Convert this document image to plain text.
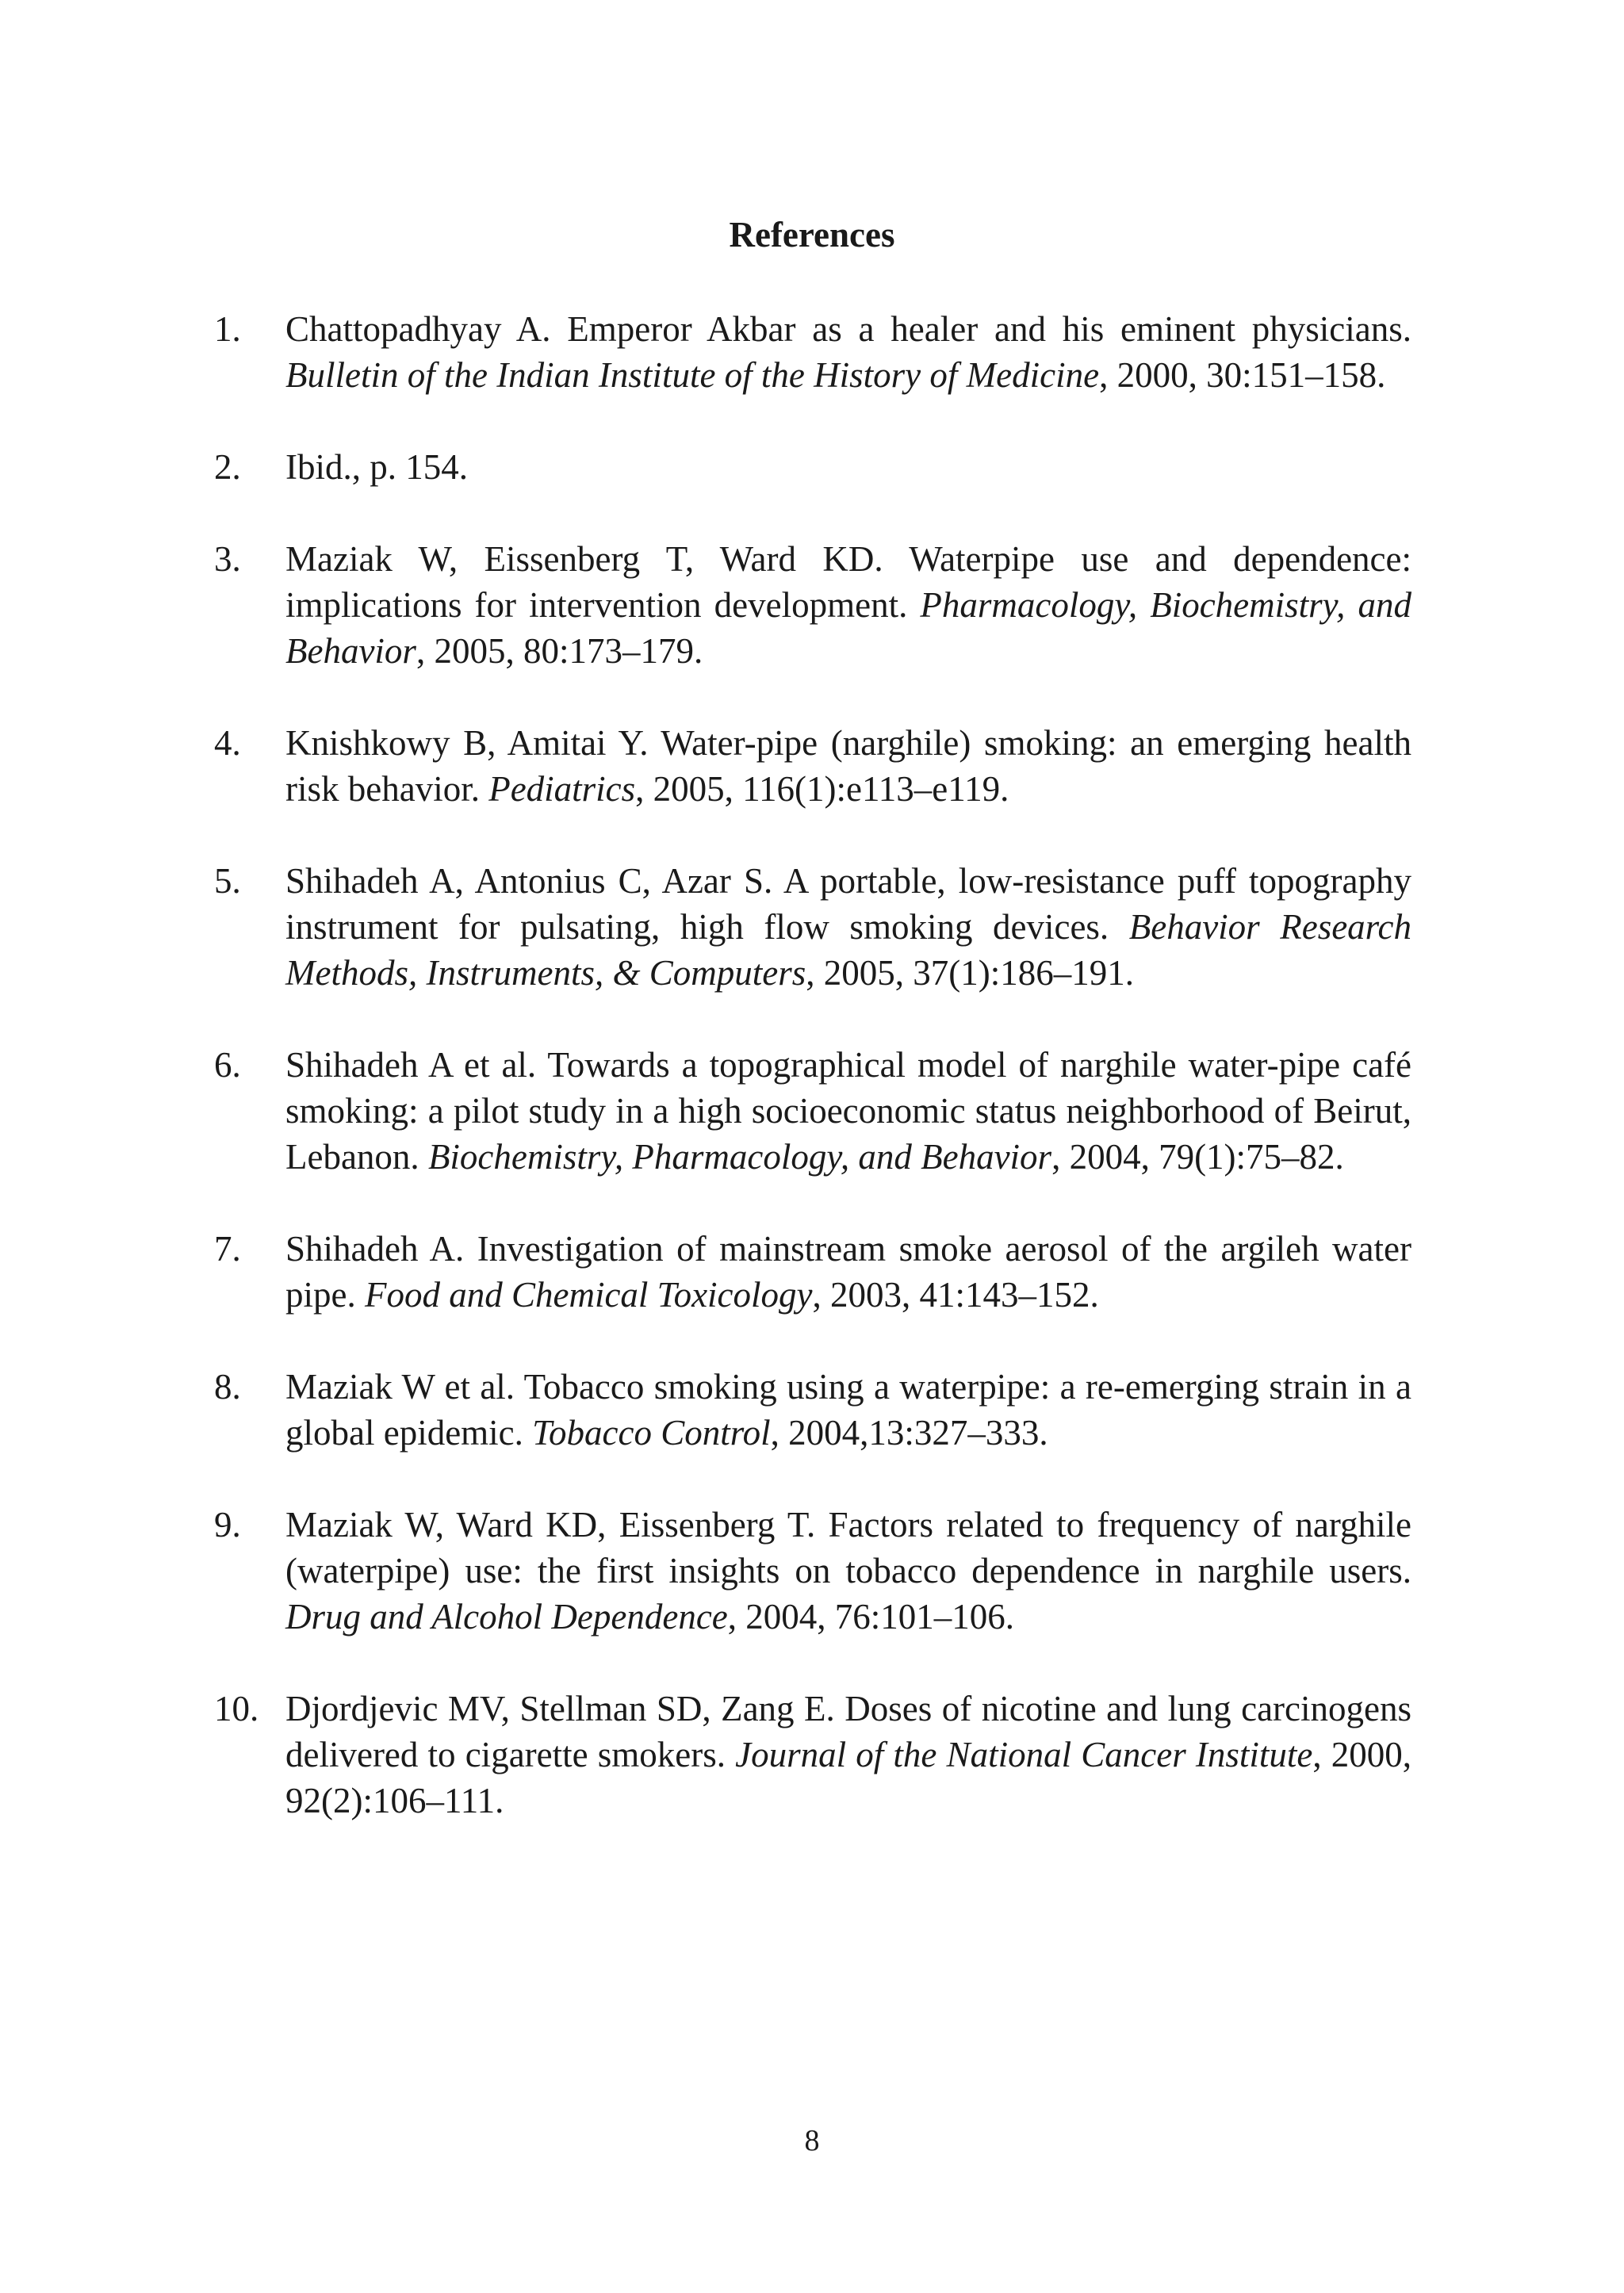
References
1.	Chattopadhyay A. Emperor Akbar as a healer and his eminent physicians. Bulletin of the Indian Institute of the History of Medicine, 2000, 30:151–158.
2.	Ibid., p. 154.
3.	Maziak W, Eissenberg T, Ward KD. Waterpipe use and dependence: implications for intervention development. Pharmacology, Biochemistry, and Behavior, 2005, 80:173–179.
4.	Knishkowy B, Amitai Y. Water-pipe (narghile) smoking: an emerging health risk behavior. Pediatrics, 2005, 116(1):e113–e119.
5.	Shihadeh A, Antonius C, Azar S. A portable, low-resistance puff topography instrument for pulsating, high flow smoking devices. Behavior Research Methods, Instruments, & Computers, 2005, 37(1):186–191.
6.	Shihadeh A et al. Towards a topographical model of narghile water-pipe café smoking: a pilot study in a high socioeconomic status neighborhood of Beirut, Lebanon. Biochemistry, Pharmacology, and Behavior, 2004, 79(1):75–82.
7.	Shihadeh A. Investigation of mainstream smoke aerosol of the argileh water pipe. Food and Chemical Toxicology, 2003, 41:143–152.
8.	Maziak W et al. Tobacco smoking using a waterpipe: a re-emerging strain in a global epidemic. Tobacco Control, 2004,13:327–333.
9.	Maziak W, Ward KD, Eissenberg T. Factors related to frequency of narghile (waterpipe) use: the first insights on tobacco dependence in narghile users. Drug and Alcohol Dependence, 2004, 76:101–106.
10. Djordjevic MV, Stellman SD, Zang E. Doses of nicotine and lung carcinogens delivered to cigarette smokers. Journal of the National Cancer Institute, 2000, 92(2):106–111.
8
